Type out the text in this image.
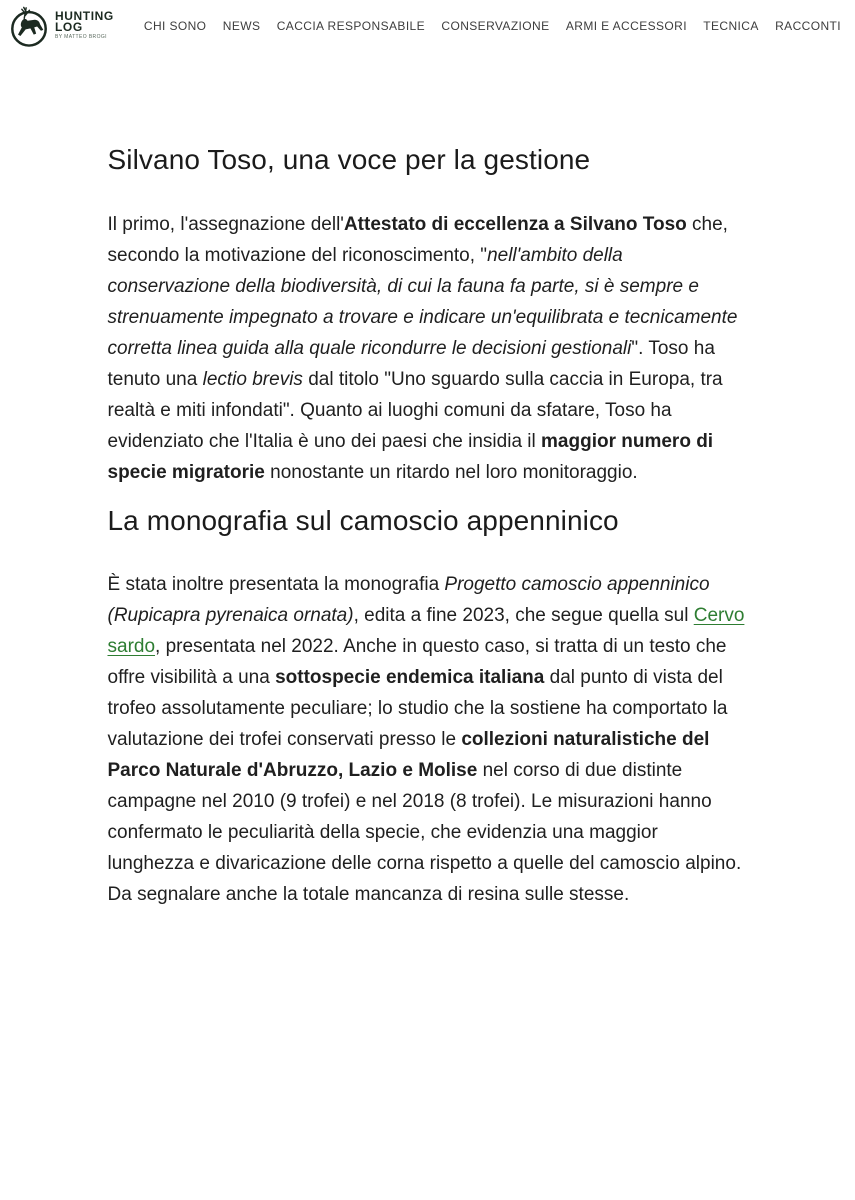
HUNTING
LOG
BY MATTEO BROGI
CHI SONO NEWS CACCIA RESPONSABILE CONSERVAZIONE ARMI E ACCESSORI TECNICA RACCONTI
Silvano Toso, una voce per la gestione

Il primo, l'assegnazione dell'Attestato di eccellenza a Silvano Toso che, secondo la motivazione del riconoscimento, "nell'ambito della conservazione della biodiversità, di cui la fauna fa parte, si è sempre e strenuamente impegnato a trovare e indicare un'equilibrata e tecnicamente corretta linea guida alla quale ricondurre le decisioni gestionali". Toso ha tenuto una lectio brevis dal titolo "Uno sguardo sulla caccia in Europa, tra realtà e miti infondati". Quanto ai luoghi comuni da sfatare, Toso ha evidenziato che l'Italia è uno dei paesi che insidia il maggior numero di specie migratorie nonostante un ritardo nel loro monitoraggio.

La monografia sul camoscio appenninico

È stata inoltre presentata la monografia Progetto camoscio appenninico (Rupicapra pyrenaica ornata), edita a fine 2023, che segue quella sul Cervo sardo, presentata nel 2022. Anche in questo caso, si tratta di un testo che offre visibilità a una sottospecie endemica italiana dal punto di vista del trofeo assolutamente peculiare; lo studio che la sostiene ha comportato la valutazione dei trofei conservati presso le collezioni naturalistiche del Parco Naturale d'Abruzzo, Lazio e Molise nel corso di due distinte campagne nel 2010 (9 trofei) e nel 2018 (8 trofei). Le misurazioni hanno confermato le peculiarità della specie, che evidenzia una maggior lunghezza e divaricazione delle corna rispetto a quelle del camoscio alpino. Da segnalare anche la totale mancanza di resina sulle stesse.
